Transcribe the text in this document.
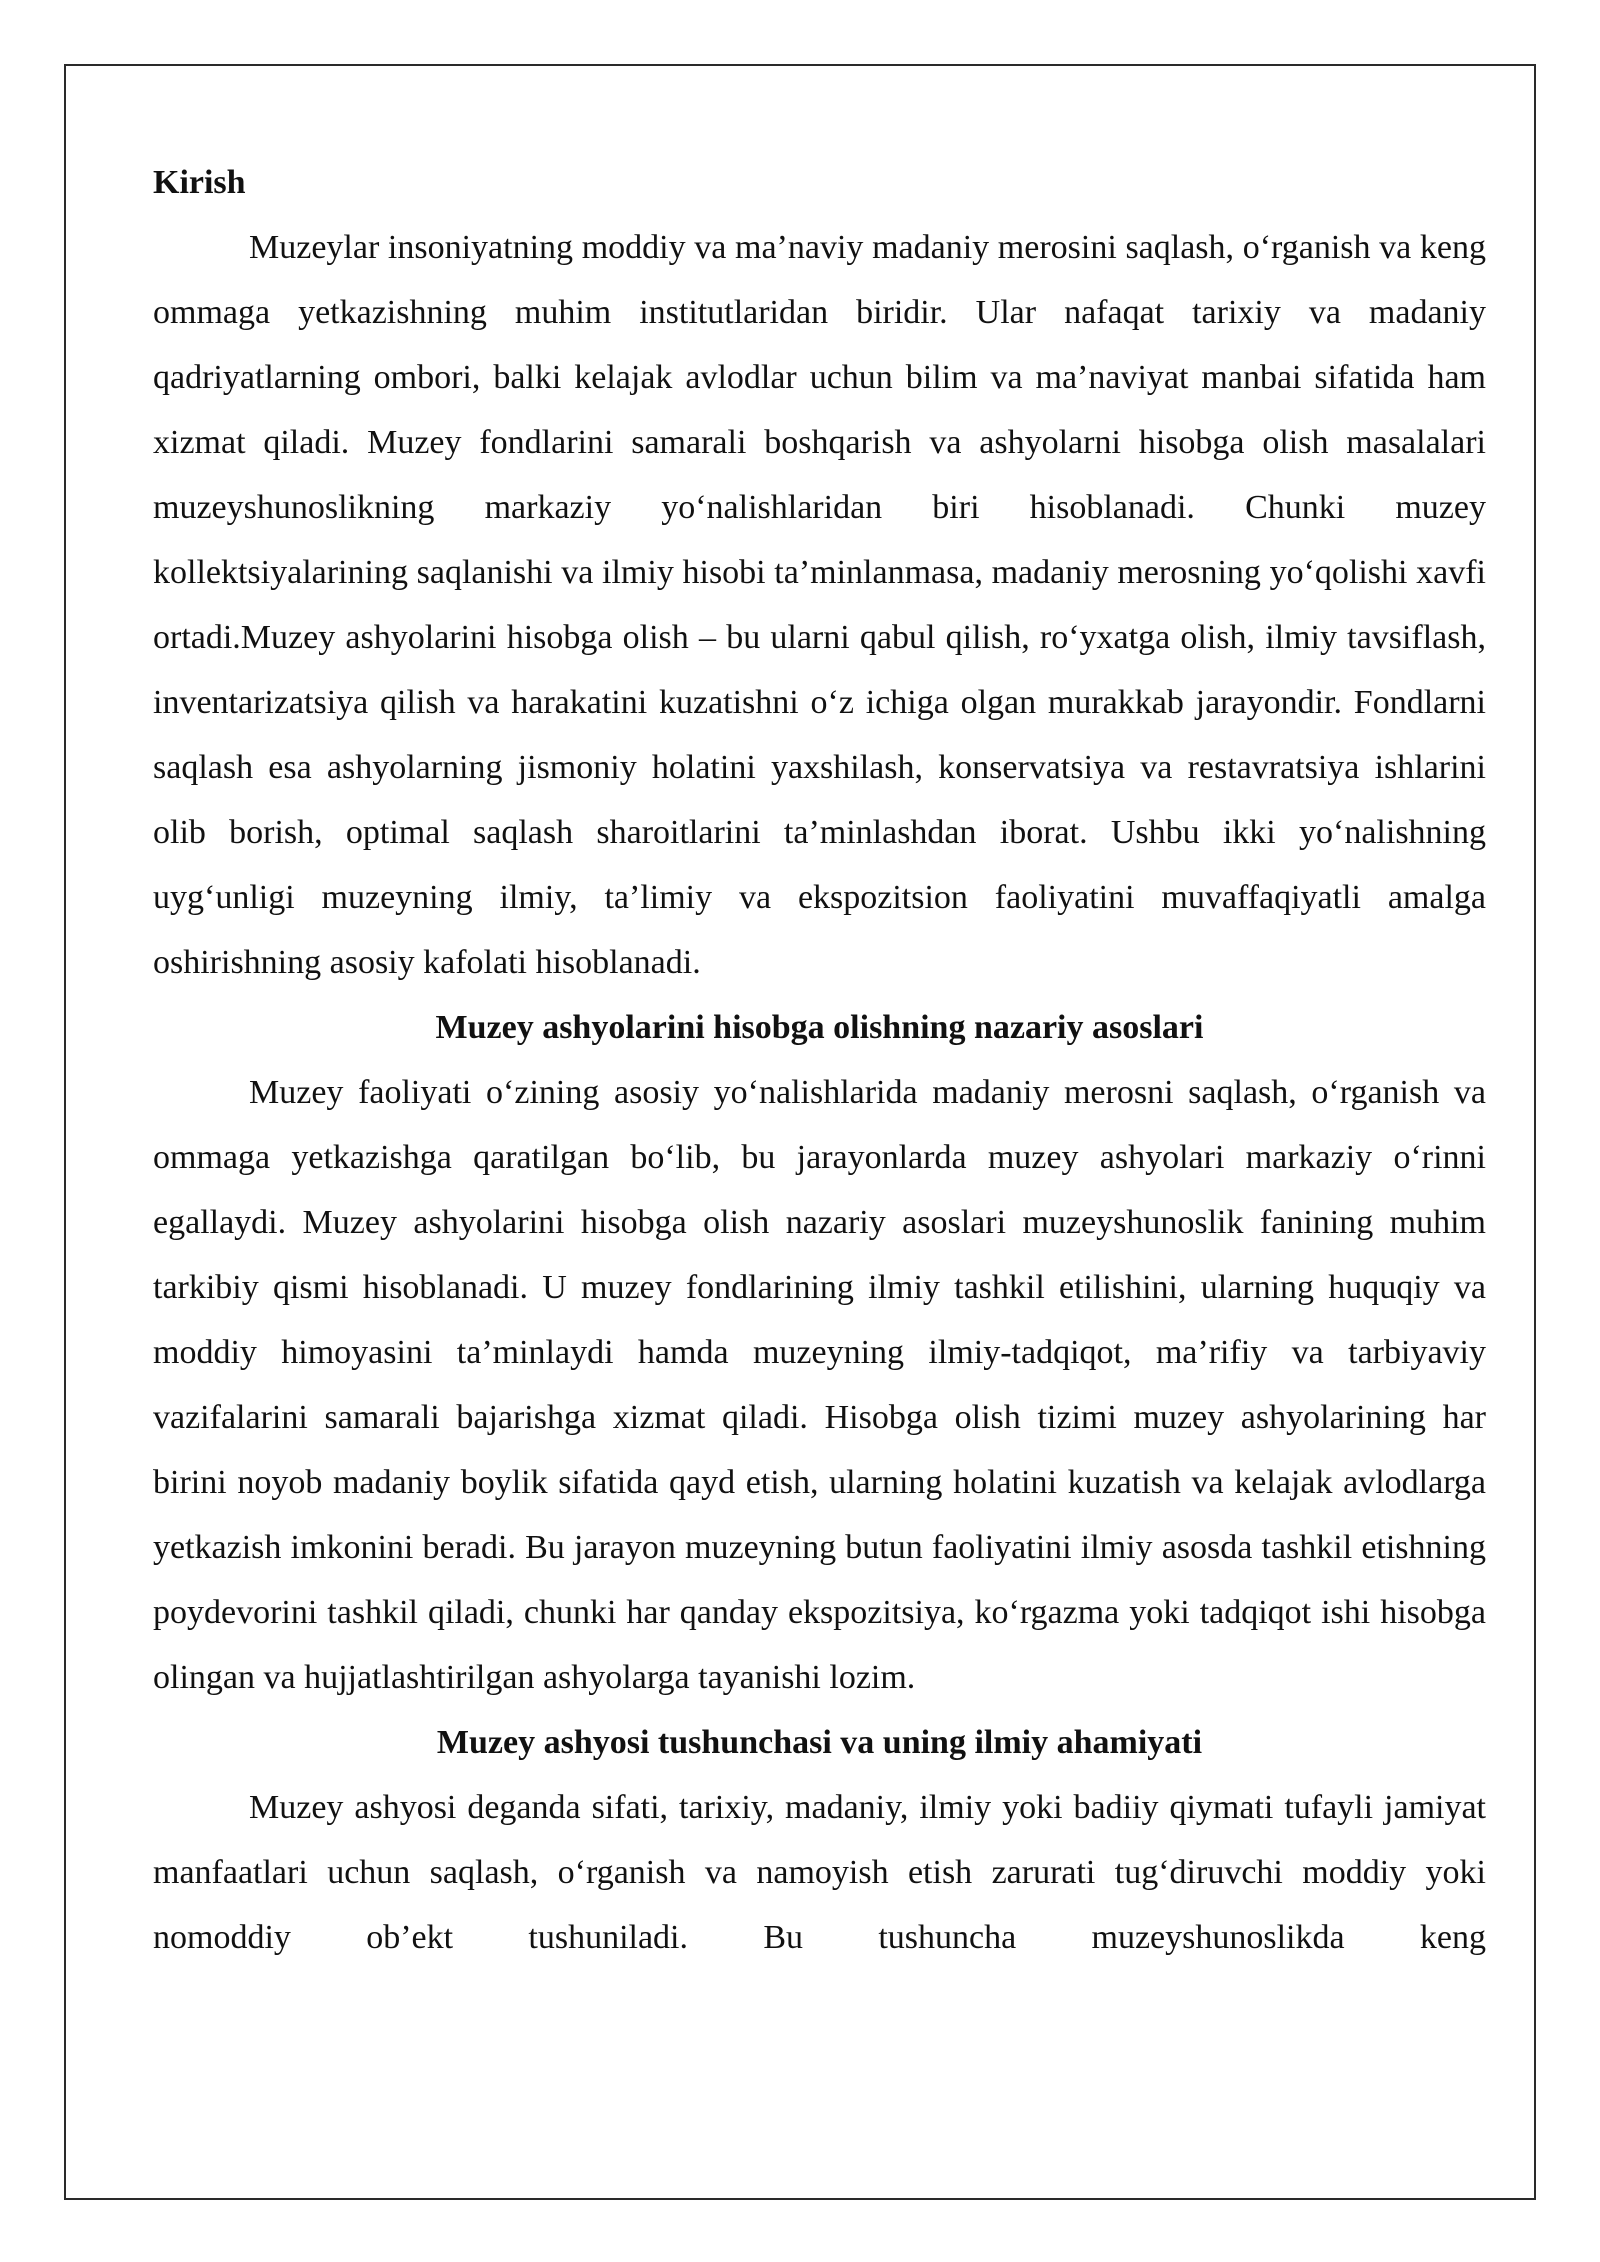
Kirish

Muzeylar insoniyatning moddiy va ma’naviy madaniy merosini saqlash, o‘rganish va keng ommaga yetkazishning muhim institutlaridan biridir. Ular nafaqat tarixiy va madaniy qadriyatlarning ombori, balki kelajak avlodlar uchun bilim va ma’naviyat manbai sifatida ham xizmat qiladi. Muzey fondlarini samarali boshqarish va ashyolarni hisobga olish masalalari muzeyshunoslikning markaziy yo‘nalishlaridan biri hisoblanadi. Chunki muzey kollektsiyalarining saqlanishi va ilmiy hisobi ta’minlanmasa, madaniy merosning yo‘qolishi xavfi ortadi.Muzey ashyolarini hisobga olish – bu ularni qabul qilish, ro‘yxatga olish, ilmiy tavsiflash, inventarizatsiya qilish va harakatini kuzatishni o‘z ichiga olgan murakkab jarayondir. Fondlarni saqlash esa ashyolarning jismoniy holatini yaxshilash, konservatsiya va restavratsiya ishlarini olib borish, optimal saqlash sharoitlarini ta’minlashdan iborat. Ushbu ikki yo‘nalishning uyg‘unligi muzeyning ilmiy, ta’limiy va ekspozitsion faoliyatini muvaffaqiyatli amalga oshirishning asosiy kafolati hisoblanadi.

Muzey ashyolarini hisobga olishning nazariy asoslari

Muzey faoliyati o‘zining asosiy yo‘nalishlarida madaniy merosni saqlash, o‘rganish va ommaga yetkazishga qaratilgan bo‘lib, bu jarayonlarda muzey ashyolari markaziy o‘rinni egallaydi. Muzey ashyolarini hisobga olish nazariy asoslari muzeyshunoslik fanining muhim tarkibiy qismi hisoblanadi. U muzey fondlarining ilmiy tashkil etilishini, ularning huquqiy va moddiy himoyasini ta’minlaydi hamda muzeyning ilmiy-tadqiqot, ma’rifiy va tarbiyaviy vazifalarini samarali bajarishga xizmat qiladi. Hisobga olish tizimi muzey ashyolarining har birini noyob madaniy boylik sifatida qayd etish, ularning holatini kuzatish va kelajak avlodlarga yetkazish imkonini beradi. Bu jarayon muzeyning butun faoliyatini ilmiy asosda tashkil etishning poydevorini tashkil qiladi, chunki har qanday ekspozitsiya, ko‘rgazma yoki tadqiqot ishi hisobga olingan va hujjatlashtirilgan ashyolarga tayanishi lozim.

Muzey ashyosi tushunchasi va uning ilmiy ahamiyati

Muzey ashyosi deganda sifati, tarixiy, madaniy, ilmiy yoki badiiy qiymati tufayli jamiyat manfaatlari uchun saqlash, o‘rganish va namoyish etish zarurati tug‘diruvchi moddiy yoki nomoddiy ob’ekt tushuniladi. Bu tushuncha muzeyshunoslikda keng
